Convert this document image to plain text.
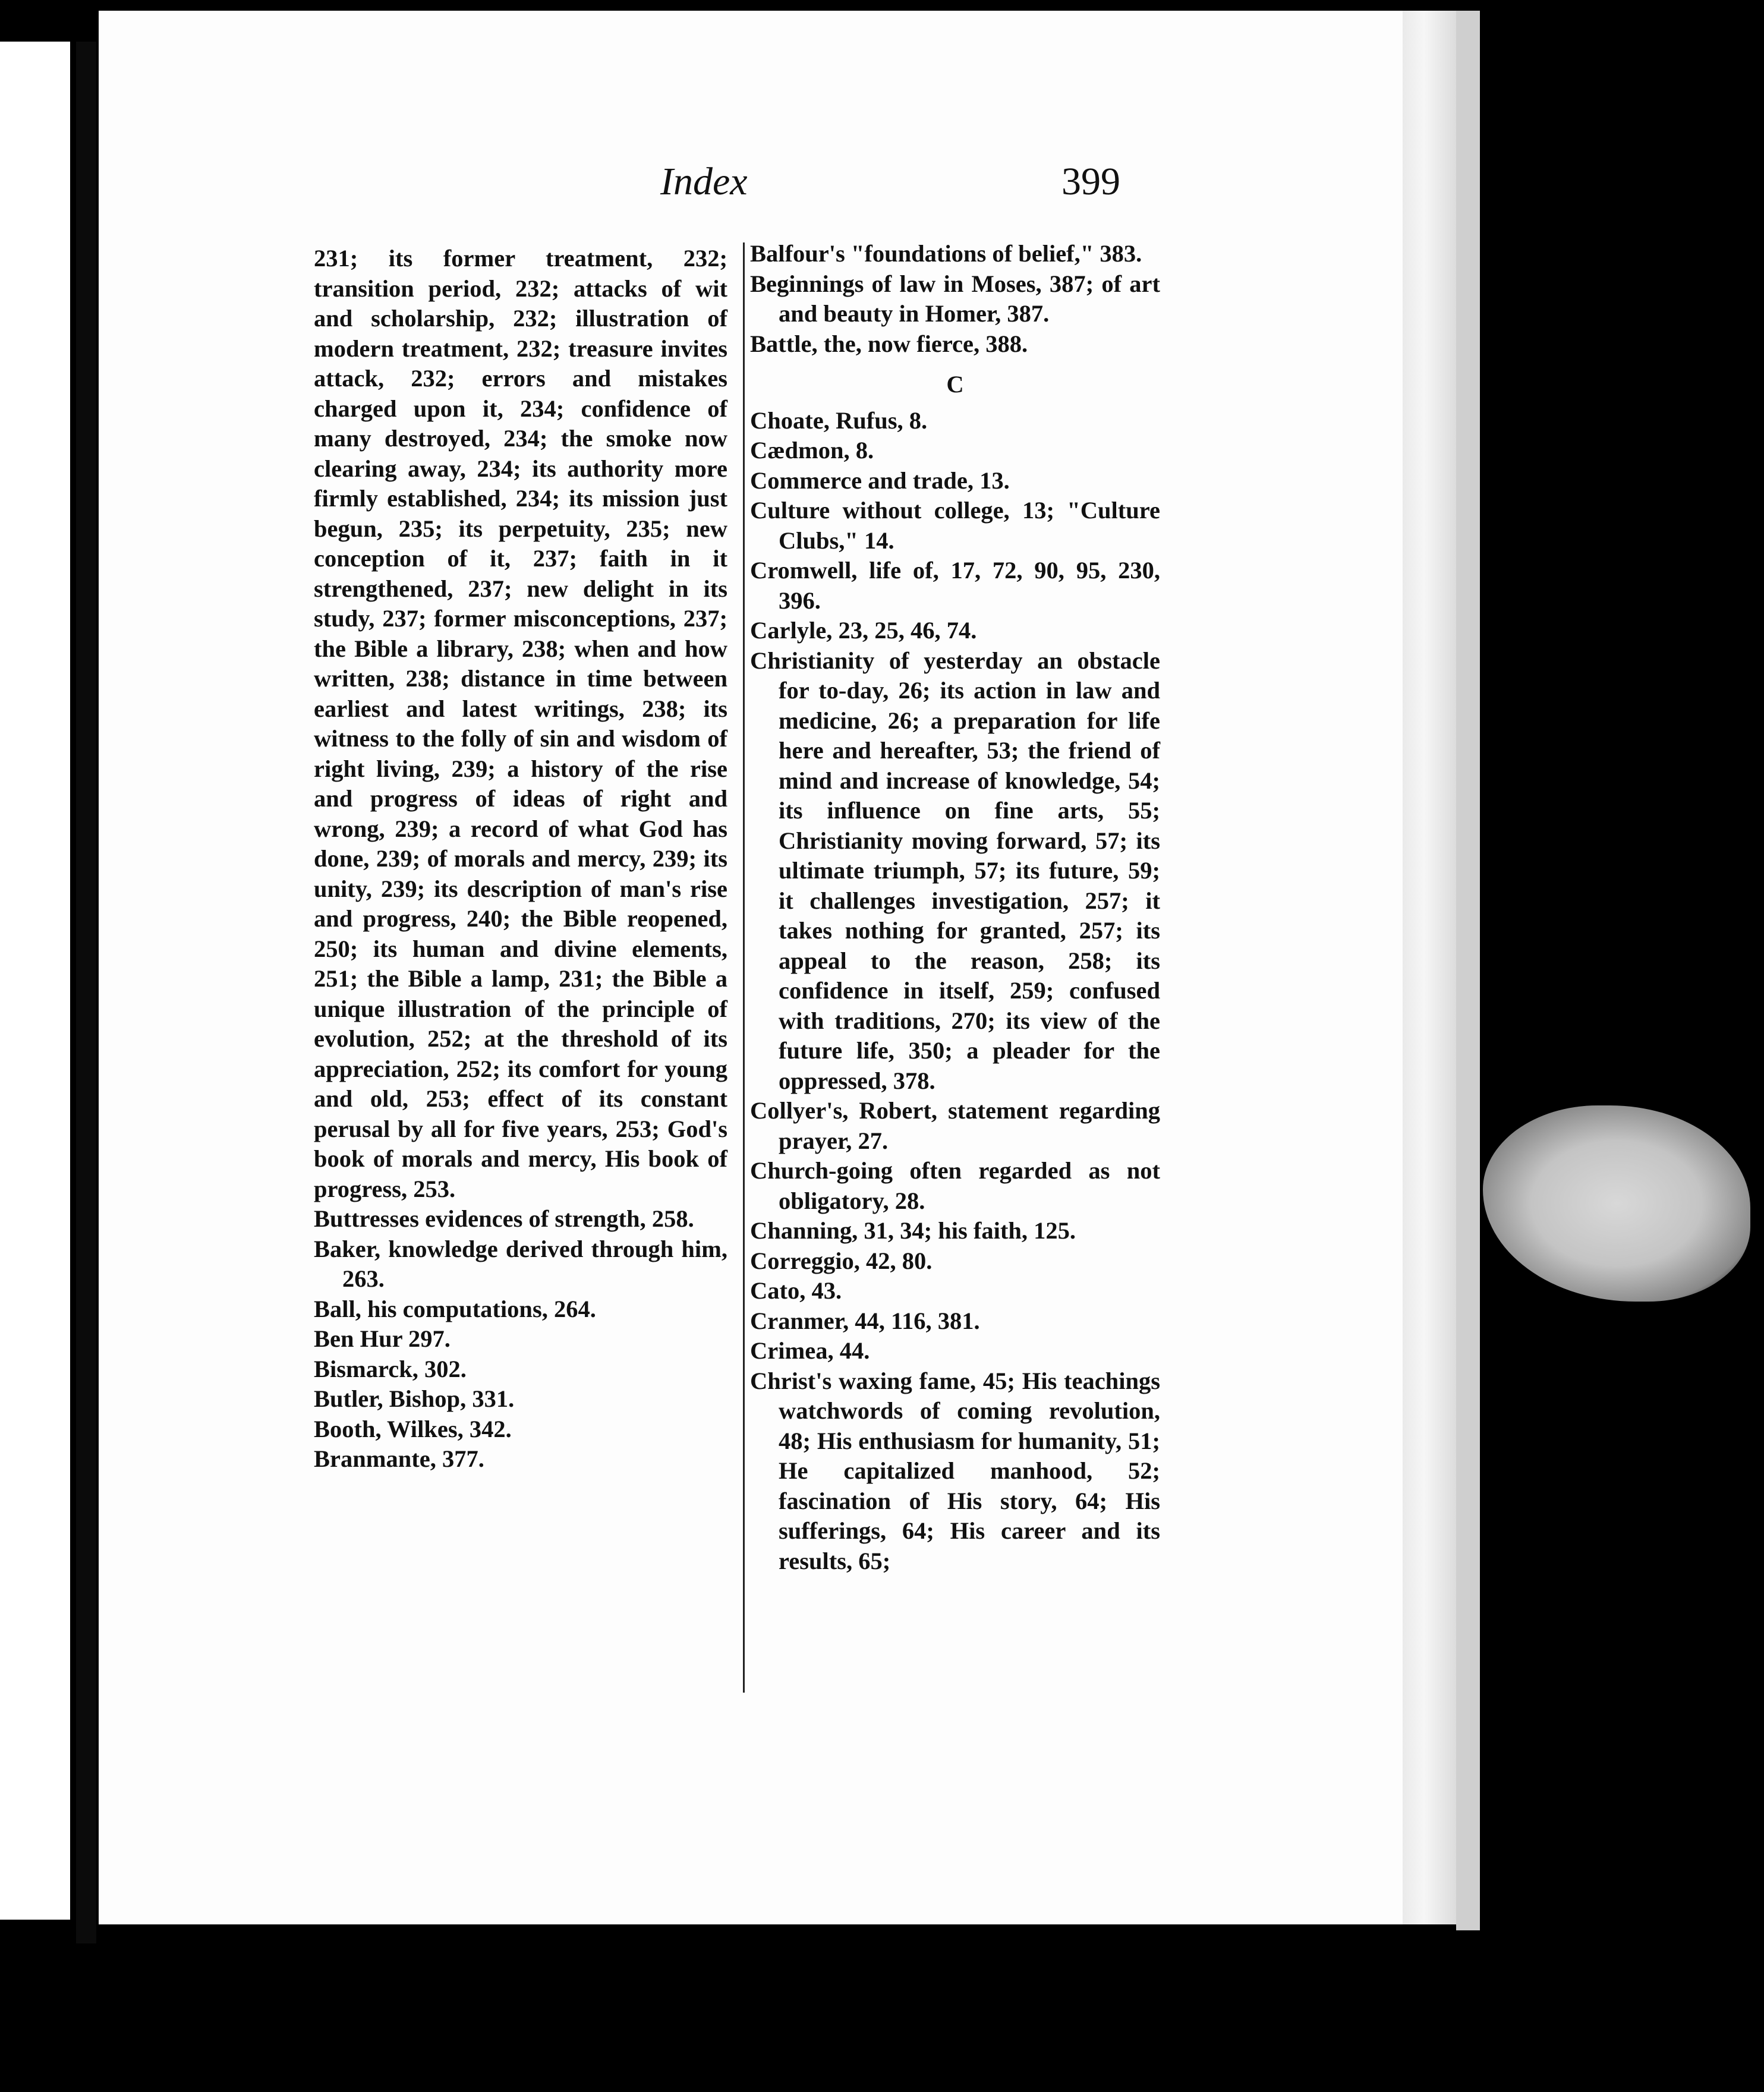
Index	399

231; its former treatment, 232; transition period, 232; attacks of wit and scholarship, 232; illustration of modern treatment, 232; treasure invites attack, 232; errors and mistakes charged upon it, 234; confidence of many destroyed, 234; the smoke now clearing away, 234; its authority more firmly established, 234; its mission just begun, 235; its perpetuity, 235; new conception of it, 237; faith in it strengthened, 237; new delight in its study, 237; former misconceptions, 237; the Bible a library, 238; when and how written, 238; distance in time between earliest and latest writings, 238; its witness to the folly of sin and wisdom of right living, 239; a history of the rise and progress of ideas of right and wrong, 239; a record of what God has done, 239; of morals and mercy, 239; its unity, 239; its description of man's rise and progress, 240; the Bible reopened, 250; its human and divine elements, 251; the Bible a lamp, 231; the Bible a unique illustration of the principle of evolution, 252; at the threshold of its appreciation, 252; its comfort for young and old, 253; effect of its constant perusal by all for five years, 253; God's book of morals and mercy, His book of progress, 253.

Buttresses evidences of strength, 258.

Baker, knowledge derived through him, 263.

Ball, his computations, 264.

Ben Hur 297.

Bismarck, 302.

Butler, Bishop, 331.

Booth, Wilkes, 342.

Branmante, 377.

Balfour's "foundations of belief," 383.

Beginnings of law in Moses, 387; of art and beauty in Homer, 387.

Battle, the, now fierce, 388.

C

Choate, Rufus, 8.

Cædmon, 8.

Commerce and trade, 13.

Culture without college, 13; "Culture Clubs," 14.

Cromwell, life of, 17, 72, 90, 95, 230, 396.

Carlyle, 23, 25, 46, 74.

Christianity of yesterday an obstacle for to-day, 26; its action in law and medicine, 26; a preparation for life here and hereafter, 53; the friend of mind and increase of knowledge, 54; its influence on fine arts, 55; Christianity moving forward, 57; its ultimate triumph, 57; its future, 59; it challenges investigation, 257; it takes nothing for granted, 257; its appeal to the reason, 258; its confidence in itself, 259; confused with traditions, 270; its view of the future life, 350; a pleader for the oppressed, 378.

Collyer's, Robert, statement regarding prayer, 27.

Church-going often regarded as not obligatory, 28.

Channing, 31, 34; his faith, 125.

Correggio, 42, 80.

Cato, 43.

Cranmer, 44, 116, 381.

Crimea, 44.

Christ's waxing fame, 45; His teachings watchwords of coming revolution, 48; His enthusiasm for humanity, 51; He capitalized manhood, 52; fascination of His story, 64; His sufferings, 64; His career and its results, 65;
